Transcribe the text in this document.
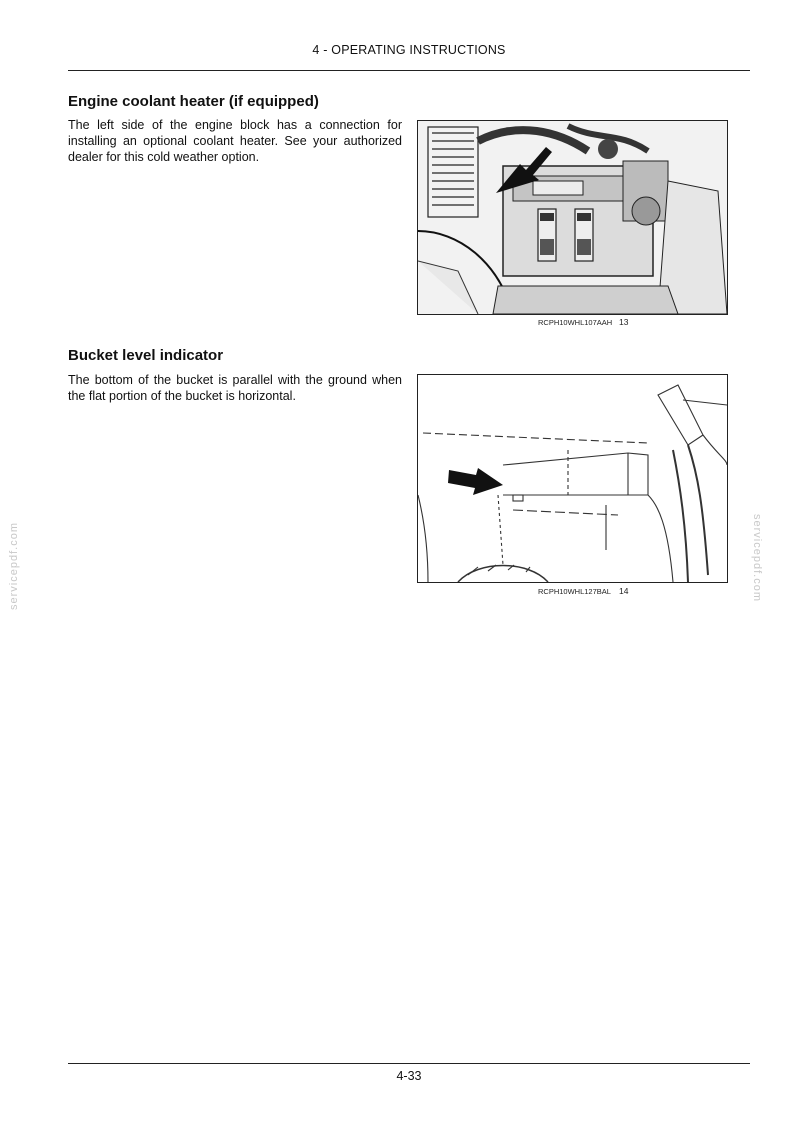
4 - OPERATING INSTRUCTIONS
Engine coolant heater (if equipped)
The left side of the engine block has a connection for installing an optional coolant heater. See your authorized dealer for this cold weather option.
RCPH10WHL107AAH 13
Bucket level indicator
The bottom of the bucket is parallel with the ground when the flat portion of the bucket is horizontal.
RCPH10WHL127BAL 14
servicepdf.com	servicepdf.com
4-33
